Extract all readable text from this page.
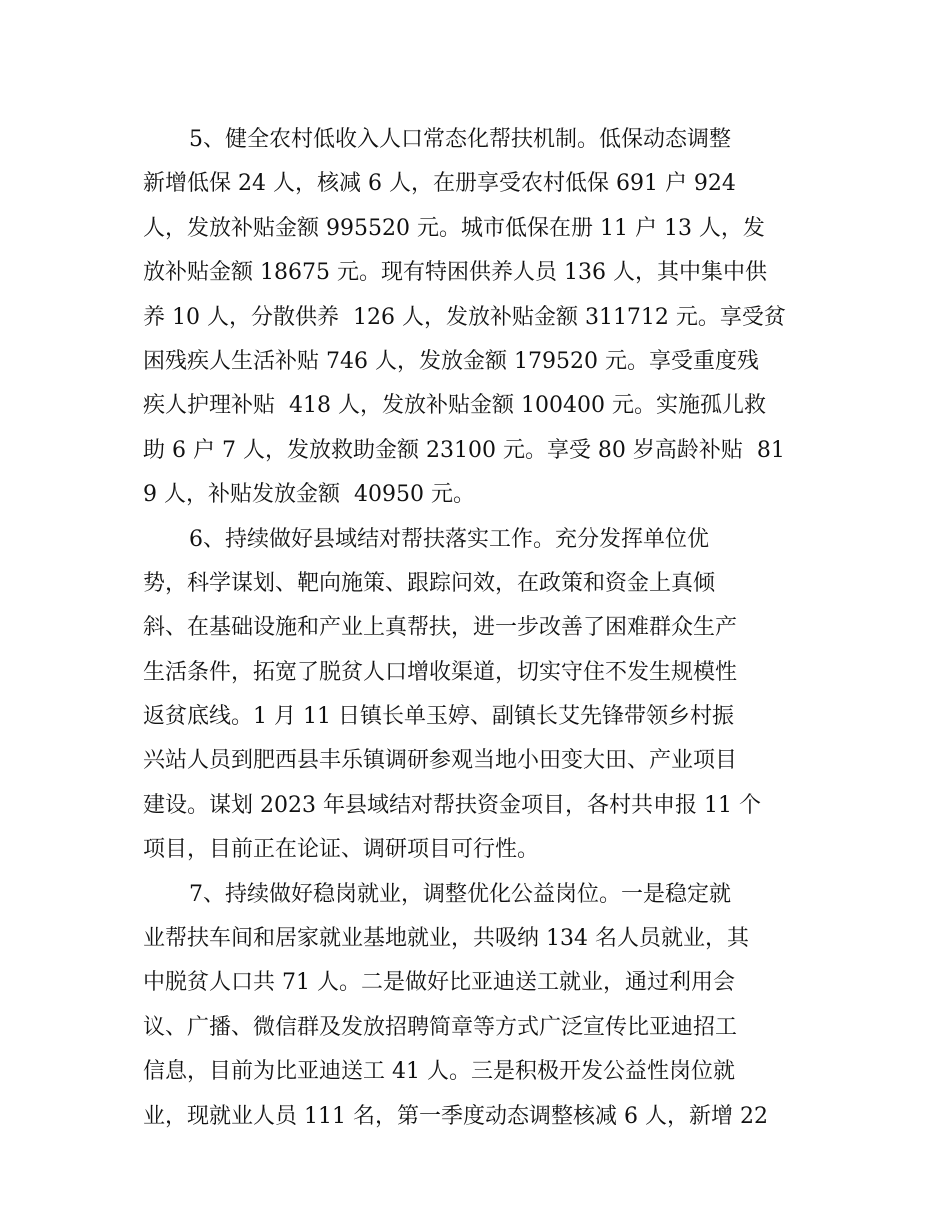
5、健全农村低收入人口常态化帮扶机制。低保动态调整
新增低保 24 人，核减 6 人，在册享受农村低保 691 户 924
人，发放补贴金额 995520 元。城市低保在册 11 户 13 人，发
放补贴金额 18675 元。现有特困供养人员 136 人，其中集中供
养 10 人，分散供养  126 人，发放补贴金额 311712 元。享受贫
困残疾人生活补贴 746 人，发放金额 179520 元。享受重度残
疾人护理补贴  418 人，发放补贴金额 100400 元。实施孤儿救
助 6 户 7 人，发放救助金额 23100 元。享受 80 岁高龄补贴  81
9 人，补贴发放金额  40950 元。
6、持续做好县域结对帮扶落实工作。充分发挥单位优
势，科学谋划、靶向施策、跟踪问效，在政策和资金上真倾
斜、在基础设施和产业上真帮扶，进一步改善了困难群众生产
生活条件，拓宽了脱贫人口增收渠道，切实守住不发生规模性
返贫底线。1 月 11 日镇长单玉婷、副镇长艾先锋带领乡村振
兴站人员到肥西县丰乐镇调研参观当地小田变大田、产业项目
建设。谋划 2023 年县域结对帮扶资金项目，各村共申报 11 个
项目，目前正在论证、调研项目可行性。
7、持续做好稳岗就业，调整优化公益岗位。一是稳定就
业帮扶车间和居家就业基地就业，共吸纳 134 名人员就业，其
中脱贫人口共 71 人。二是做好比亚迪送工就业，通过利用会
议、广播、微信群及发放招聘简章等方式广泛宣传比亚迪招工
信息，目前为比亚迪送工 41 人。三是积极开发公益性岗位就
业，现就业人员 111 名，第一季度动态调整核减 6 人，新增 22
